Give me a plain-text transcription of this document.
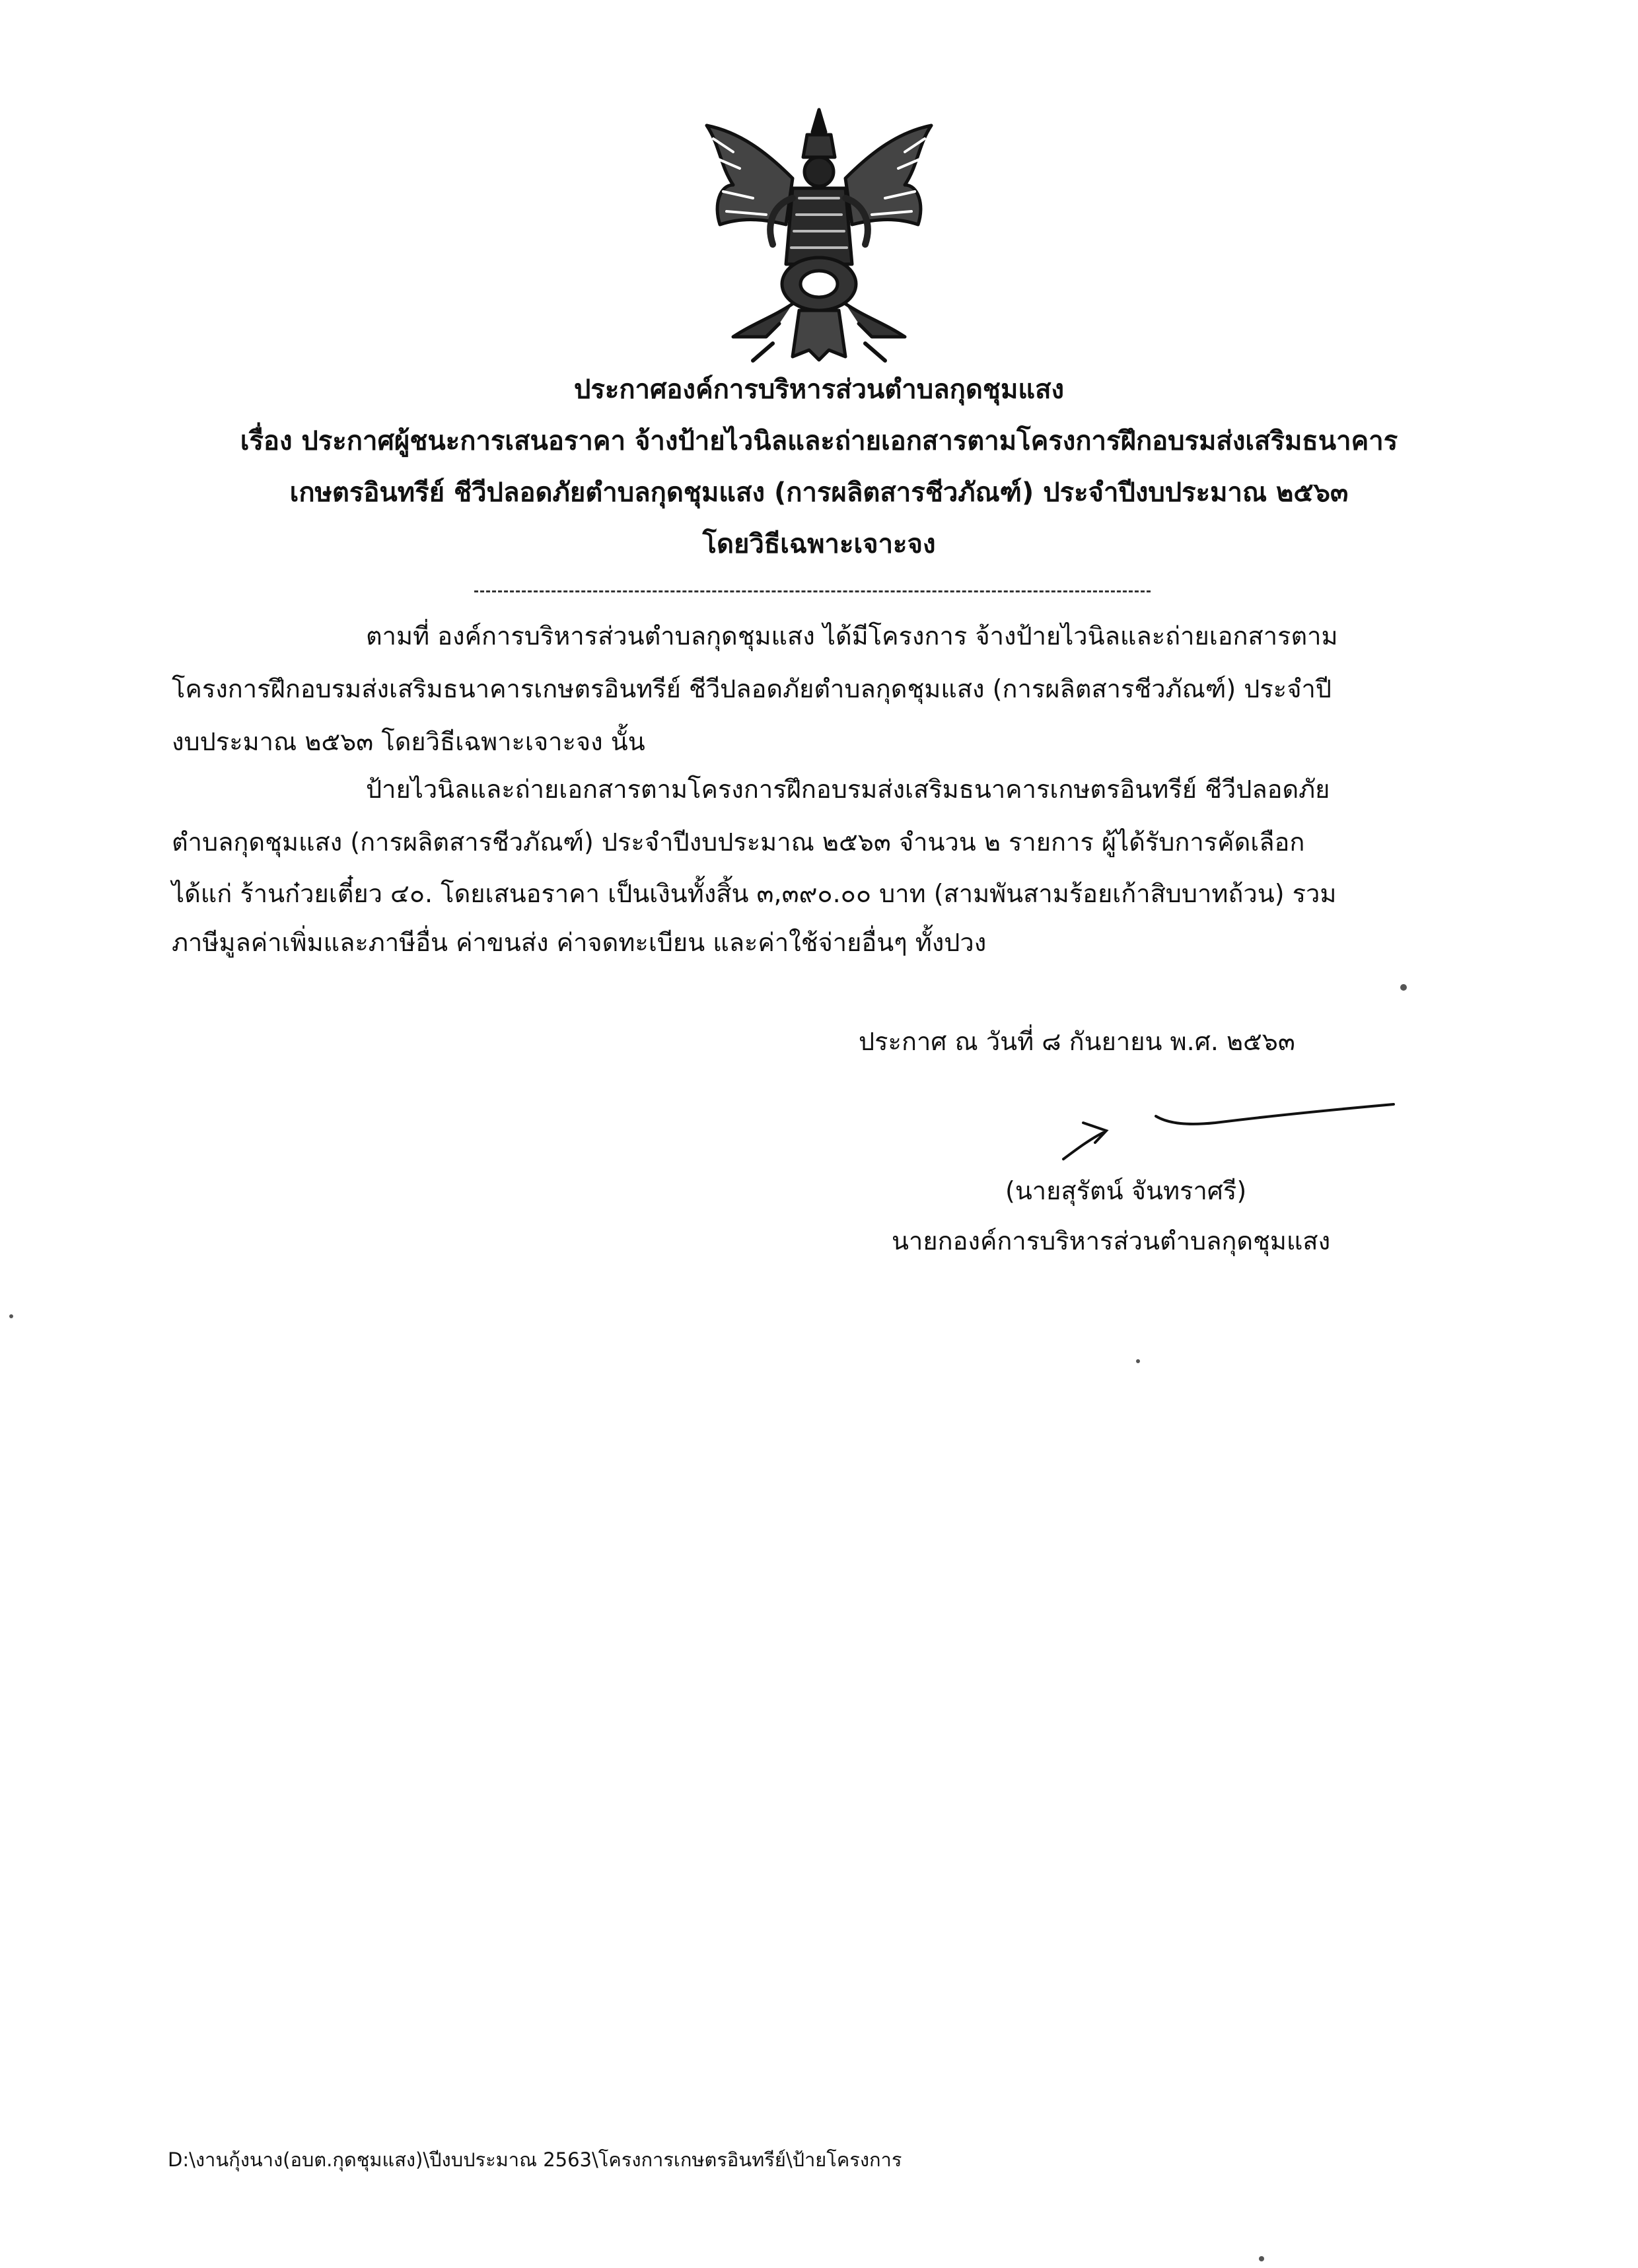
ประกาศองค์การบริหารส่วนตำบลกุดชุมแสง
เรื่อง ประกาศผู้ชนะการเสนอราคา จ้างป้ายไวนิลและถ่ายเอกสารตามโครงการฝึกอบรมส่งเสริมธนาคาร
เกษตรอินทรีย์ ชีวีปลอดภัยตำบลกุดชุมแสง (การผลิตสารชีวภัณฑ์) ประจำปีงบประมาณ ๒๕๖๓
โดยวิธีเฉพาะเจาะจง
ตามที่ องค์การบริหารส่วนตำบลกุดชุมแสง ได้มีโครงการ จ้างป้ายไวนิลและถ่ายเอกสารตาม
โครงการฝึกอบรมส่งเสริมธนาคารเกษตรอินทรีย์ ชีวีปลอดภัยตำบลกุดชุมแสง (การผลิตสารชีวภัณฑ์) ประจำปี
งบประมาณ ๒๕๖๓ โดยวิธีเฉพาะเจาะจง นั้น
ป้ายไวนิลและถ่ายเอกสารตามโครงการฝึกอบรมส่งเสริมธนาคารเกษตรอินทรีย์ ชีวีปลอดภัย
ตำบลกุดชุมแสง (การผลิตสารชีวภัณฑ์) ประจำปีงบประมาณ ๒๕๖๓ จำนวน ๒ รายการ ผู้ได้รับการคัดเลือก
ได้แก่ ร้านก๋วยเตี๋ยว ๔๐. โดยเสนอราคา เป็นเงินทั้งสิ้น ๓,๓๙๐.๐๐ บาท (สามพันสามร้อยเก้าสิบบาทถ้วน) รวม
ภาษีมูลค่าเพิ่มและภาษีอื่น ค่าขนส่ง ค่าจดทะเบียน และค่าใช้จ่ายอื่นๆ ทั้งปวง
ประกาศ ณ วันที่ ๘ กันยายน พ.ศ. ๒๕๖๓
(นายสุรัตน์ จันทราศรี)
นายกองค์การบริหารส่วนตำบลกุดชุมแสง
D:\งานกุ้งนาง(อบต.กุดชุมแสง)\ปีงบประมาณ 2563\โครงการเกษตรอินทรีย์\ป้ายโครงการ
